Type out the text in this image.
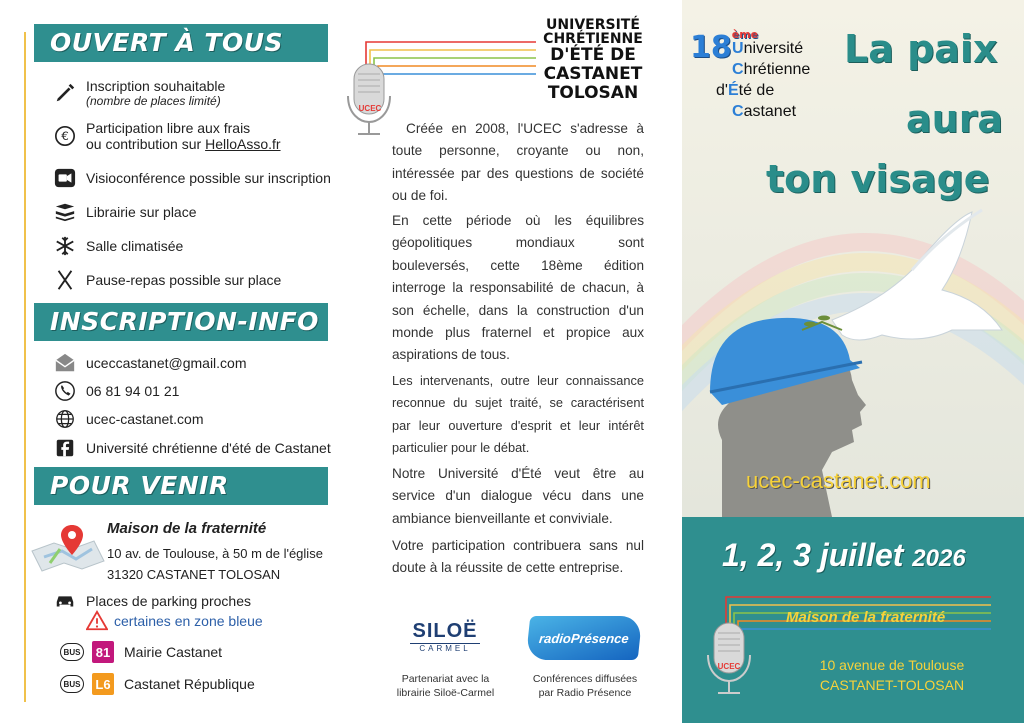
OUVERT À TOUS
Inscription souhaitable
(nombre de places limité)
€
Participation libre aux frais
ou contribution sur HelloAsso.fr
Visioconférence possible sur inscription
Librairie sur place
Salle climatisée
Pause-repas possible sur place
INSCRIPTION-INFO
uceccastanet@gmail.com
06 81 94 01 21
ucec-castanet.com
Université chrétienne d'été de Castanet
POUR VENIR
Maison de la fraternité
10 av. de Toulouse, à 50 m de l'église
31320 CASTANET TOLOSAN
Places de parking proches
certaines en zone bleue
BUS 81 Mairie Castanet
BUS L6 Castanet République
UCEC
UNIVERSITÉ
CHRÉTIENNE
D'ÉTÉ DE
CASTANET
TOLOSAN
Créée en 2008, l'UCEC s'adresse à toute personne, croyante ou non, intéressée par des questions de société ou de foi.
En cette période où les équilibres géopolitiques mondiaux sont bouleversés, cette 18ème édition interroge la responsabilité de chacun, à son échelle, dans la construction d'un monde plus fraternel et propice aux aspirations de tous.
Les intervenants, outre leur connaissance reconnue du sujet traité, se caractérisent par leur ouverture d'esprit et leur intérêt particulier pour le débat.
Notre Université d'Été veut être au service d'un dialogue vécu dans une ambiance bienveillante et conviviale.
Votre participation contribuera sans nul doute à la réussite de cette entreprise.
SILOË
CARMEL
Partenariat avec la
librairie Siloë-Carmel
radioPrésence
Conférences diffusées
par Radio Présence
18ème
Université
Chrétienne
d'Été de
Castanet
La paix
aura
ton visage
ucec-castanet.com
1, 2, 3 juillet 2026
UCEC
Maison de la fraternité
10 avenue de Toulouse
CASTANET-TOLOSAN
